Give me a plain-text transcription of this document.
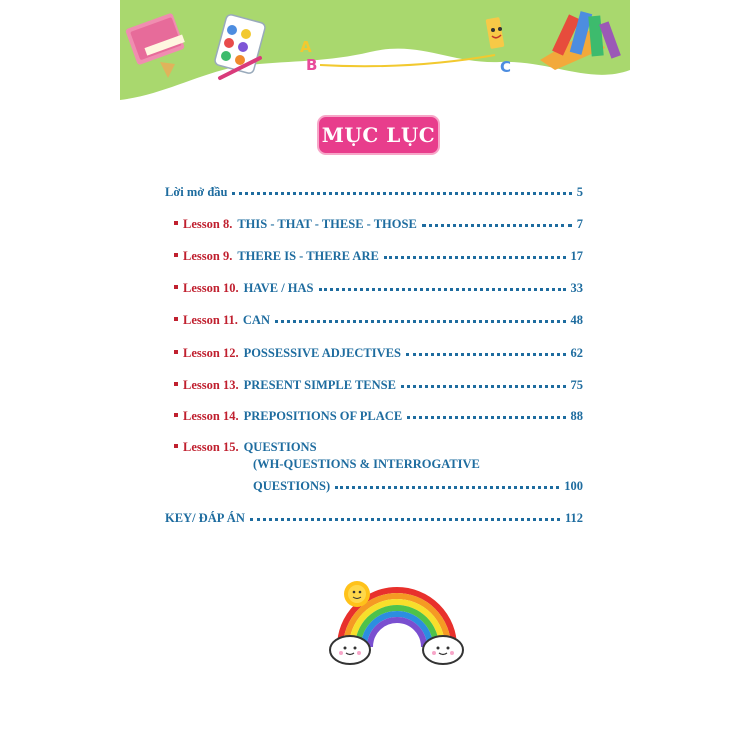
A
B	C
MỤC LỤC
Lời mở đầu	5
Lesson 8. THIS - THAT - THESE - THOSE	7
Lesson 9. THERE IS - THERE ARE	17
Lesson 10. HAVE / HAS	33
Lesson 11. CAN	48
Lesson 12. POSSESSIVE ADJECTIVES	62
Lesson 13. PRESENT SIMPLE TENSE	75
Lesson 14. PREPOSITIONS OF PLACE	88
Lesson 15. QUESTIONS
(WH-QUESTIONS & INTERROGATIVE
QUESTIONS)	100
KEY/ ĐÁP ÁN	112
